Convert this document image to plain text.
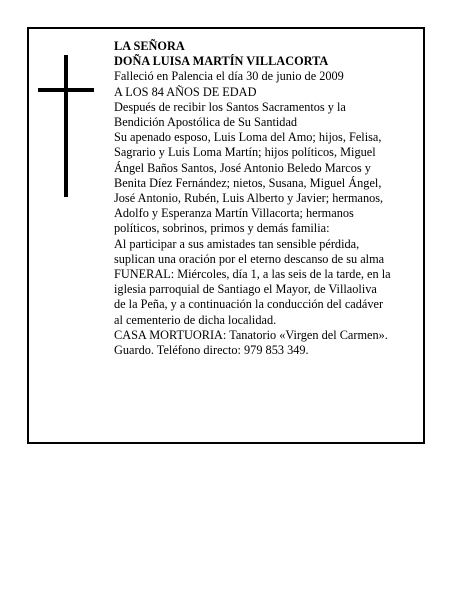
LA SEÑORA
DOÑA LUISA MARTÍN VILLACORTA
Falleció en Palencia el día 30 de junio de 2009
A LOS 84 AÑOS DE EDAD
Después de recibir los Santos Sacramentos y la
Bendición Apostólica de Su Santidad
Su apenado esposo, Luis Loma del Amo; hijos, Felisa,
Sagrario y Luis Loma Martín; hijos políticos, Miguel
Ángel Baños Santos, José Antonio Beledo Marcos y
Benita Díez Fernández; nietos, Susana, Miguel Ángel,
José Antonio, Rubén, Luis Alberto y Javier; hermanos,
Adolfo y Esperanza Martín Villacorta; hermanos
políticos, sobrinos, primos y demás familia:
Al participar a sus amistades tan sensible pérdida,
suplican una oración por el eterno descanso de su alma
FUNERAL: Miércoles, día 1, a las seis de la tarde, en la
iglesia parroquial de Santiago el Mayor, de Villaoliva
de la Peña, y a continuación la conducción del cadáver
al cementerio de dicha localidad.
CASA MORTUORIA: Tanatorio «Virgen del Carmen».
Guardo. Teléfono directo: 979 853 349.
